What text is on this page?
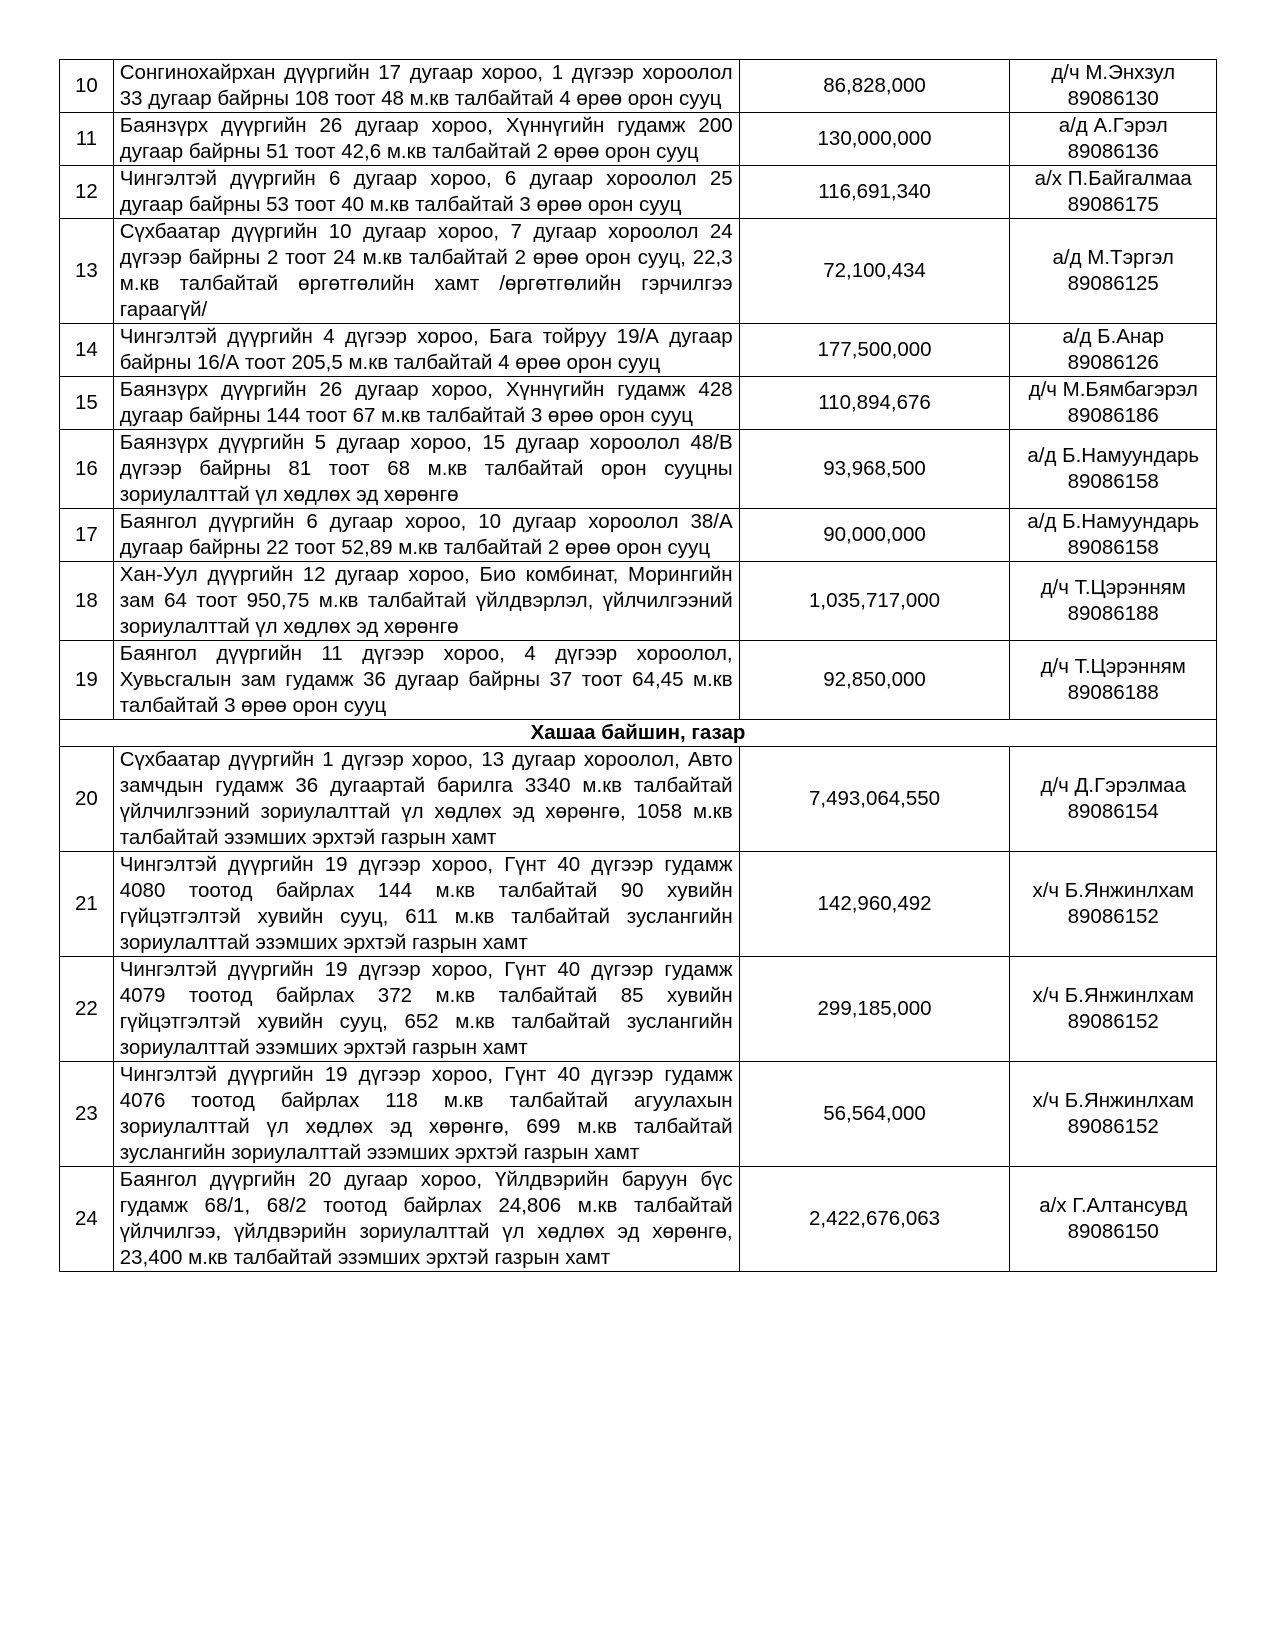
10	Сонгинохайрхан дүүргийн 17 дугаар хороо, 1 дүгээр хороолол 33 дугаар байрны 108 тоот 48 м.кв талбайтай 4 өрөө орон сууц	86,828,000	д/ч М.Энхзул
89086130

11	Баянзүрх дүүргийн 26 дугаар хороо, Хүннүгийн гудамж 200 дугаар байрны 51 тоот 42,6 м.кв талбайтай 2 өрөө орон сууц	130,000,000	а/д А.Гэрэл
89086136

12	Чингэлтэй дүүргийн 6 дугаар хороо, 6 дугаар хороолол 25 дугаар байрны 53 тоот 40 м.кв талбайтай 3 өрөө орон сууц	116,691,340	а/х П.Байгалмаа
89086175

13	Сүхбаатар дүүргийн 10 дугаар хороо, 7 дугаар хороолол 24 дүгээр байрны 2 тоот 24 м.кв талбайтай 2 өрөө орон сууц, 22,3 м.кв талбайтай өргөтгөлийн хамт /өргөтгөлийн гэрчилгээ гараагүй/	72,100,434	а/д М.Тэргэл
89086125

14	Чингэлтэй дүүргийн 4 дүгээр хороо, Бага тойруу 19/А дугаар байрны 16/А тоот 205,5 м.кв талбайтай 4 өрөө орон сууц	177,500,000	а/д Б.Анар
89086126

15	Баянзүрх дүүргийн 26 дугаар хороо, Хүннүгийн гудамж 428 дугаар байрны 144 тоот 67 м.кв талбайтай 3 өрөө орон сууц	110,894,676	д/ч М.Бямбагэрэл
89086186

16	Баянзүрх дүүргийн 5 дугаар хороо, 15 дугаар хороолол 48/В дүгээр байрны 81 тоот 68 м.кв талбайтай орон сууцны зориулалттай үл хөдлөх эд хөрөнгө	93,968,500	а/д Б.Намуундарь
89086158

17	Баянгол дүүргийн 6 дугаар хороо, 10 дугаар хороолол 38/А дугаар байрны 22 тоот 52,89 м.кв талбайтай 2 өрөө орон сууц	90,000,000	а/д Б.Намуундарь
89086158

18	Хан-Уул дүүргийн 12 дугаар хороо, Био комбинат, Морингийн зам 64 тоот 950,75 м.кв талбайтай үйлдвэрлэл, үйлчилгээний зориулалттай үл хөдлөх эд хөрөнгө	1,035,717,000	д/ч Т.Цэрэнням
89086188

19	Баянгол дүүргийн 11 дүгээр хороо, 4 дүгээр хороолол, Хувьсгалын зам гудамж 36 дугаар байрны 37 тоот 64,45 м.кв талбайтай 3 өрөө орон сууц	92,850,000	д/ч Т.Цэрэнням
89086188

Хашаа байшин, газар			
20	Сүхбаатар дүүргийн 1 дүгээр хороо, 13 дугаар хороолол, Авто замчдын гудамж 36 дугаартай барилга 3340 м.кв талбайтай үйлчилгээний зориулалттай үл хөдлөх эд хөрөнгө, 1058 м.кв талбайтай эзэмших эрхтэй газрын хамт	7,493,064,550	д/ч Д.Гэрэлмаа
89086154

21	Чингэлтэй дүүргийн 19 дүгээр хороо, Гүнт 40 дүгээр гудамж 4080 тоотод байрлах 144 м.кв талбайтай 90 хувийн гүйцэтгэлтэй хувийн сууц, 611 м.кв талбайтай зуслангийн зориулалттай эзэмших эрхтэй газрын хамт	142,960,492	х/ч Б.Янжинлхам
89086152

22	Чингэлтэй дүүргийн 19 дүгээр хороо, Гүнт 40 дүгээр гудамж 4079 тоотод байрлах 372 м.кв талбайтай 85 хувийн гүйцэтгэлтэй хувийн сууц, 652 м.кв талбайтай зуслангийн зориулалттай эзэмших эрхтэй газрын хамт	299,185,000	х/ч Б.Янжинлхам
89086152

23	Чингэлтэй дүүргийн 19 дүгээр хороо, Гүнт 40 дүгээр гудамж 4076 тоотод байрлах 118 м.кв талбайтай агуулахын зориулалттай үл хөдлөх эд хөрөнгө, 699 м.кв талбайтай зуслангийн зориулалттай эзэмших эрхтэй газрын хамт	56,564,000	х/ч Б.Янжинлхам
89086152

24	Баянгол дүүргийн 20 дугаар хороо, Үйлдвэрийн баруун бүс гудамж 68/1, 68/2 тоотод байрлах 24,806 м.кв талбайтай үйлчилгээ, үйлдвэрийн зориулалттай үл хөдлөх эд хөрөнгө, 23,400 м.кв талбайтай эзэмших эрхтэй газрын хамт	2,422,676,063	а/х Г.Алтансувд
89086150
